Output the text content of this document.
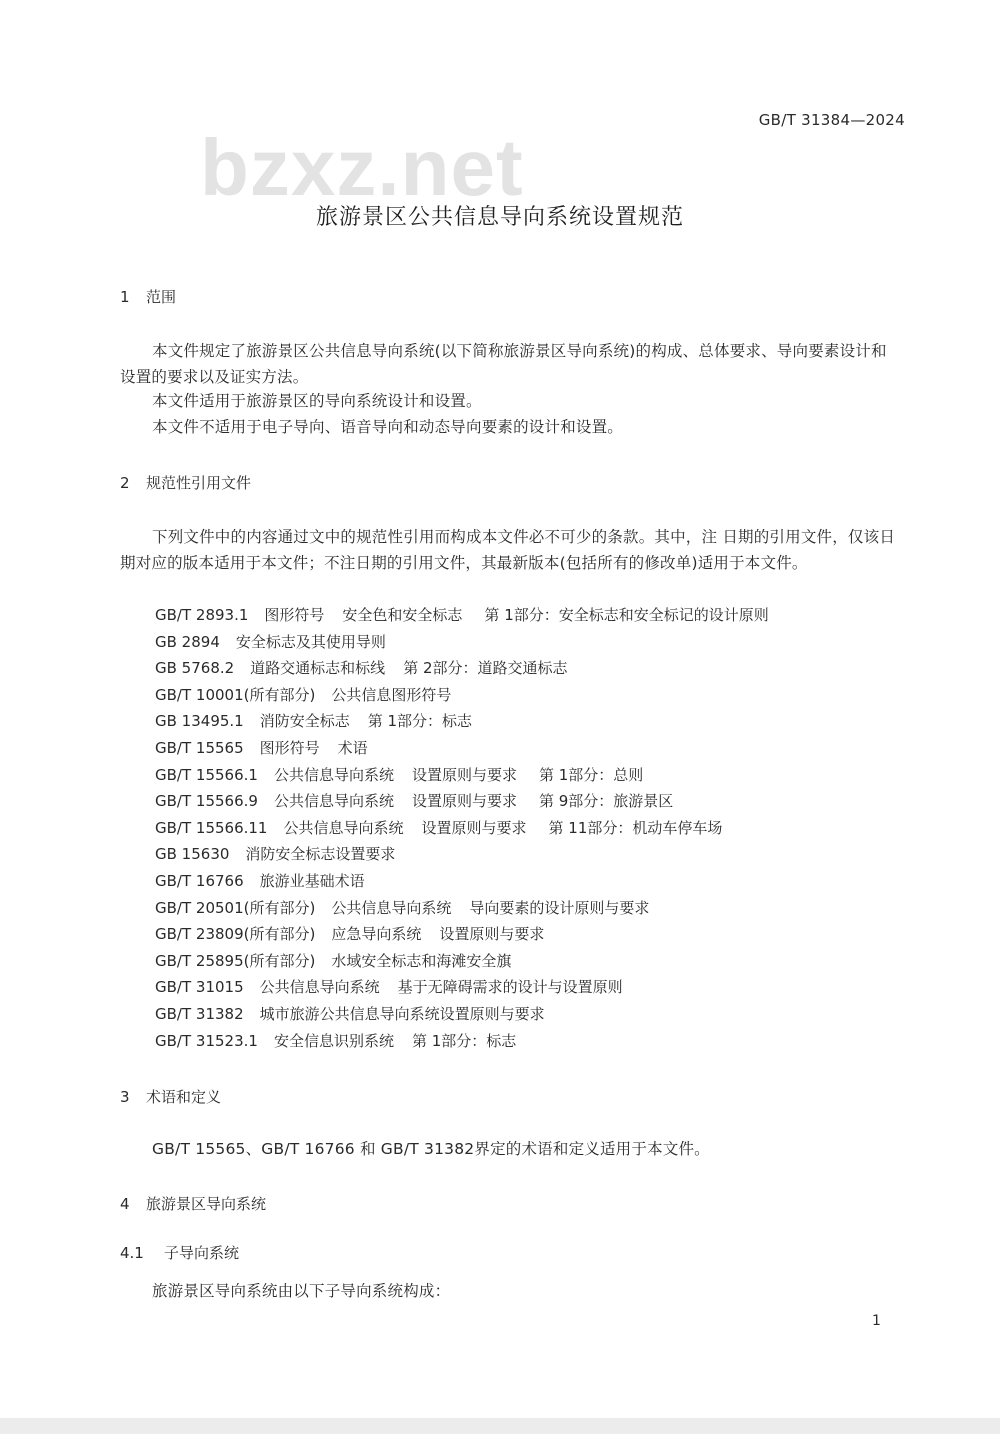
GB/T 31384—2024
bzxz.net
旅游景区公共信息导向系统设置规范
1 范围
本文件规定了旅游景区公共信息导向系统(以下简称旅游景区导向系统)的构成、总体要求、导向要素设计和设置的要求以及证实方法。
本文件适用于旅游景区的导向系统设计和设置。
本文件不适用于电子导向、语音导向和动态导向要素的设计和设置。
2 规范性引用文件
下列文件中的内容通过文中的规范性引用而构成本文件必不可少的条款。其中，注 日期的引用文件，仅该日期对应的版本适用于本文件；不注日期的引用文件，其最新版本(包括所有的修改单)适用于本文件。
GB/T 2893.1 图形符号 安全色和安全标志 第 1部分：安全标志和安全标记的设计原则
GB 2894 安全标志及其使用导则
GB 5768.2 道路交通标志和标线 第 2部分：道路交通标志
GB/T 10001(所有部分) 公共信息图形符号
GB 13495.1 消防安全标志 第 1部分：标志
GB/T 15565 图形符号 术语
GB/T 15566.1 公共信息导向系统 设置原则与要求 第 1部分：总则
GB/T 15566.9 公共信息导向系统 设置原则与要求 第 9部分：旅游景区
GB/T 15566.11 公共信息导向系统 设置原则与要求 第 11部分：机动车停车场
GB 15630 消防安全标志设置要求
GB/T 16766 旅游业基础术语
GB/T 20501(所有部分) 公共信息导向系统 导向要素的设计原则与要求
GB/T 23809(所有部分) 应急导向系统 设置原则与要求
GB/T 25895(所有部分) 水域安全标志和海滩安全旗
GB/T 31015 公共信息导向系统 基于无障碍需求的设计与设置原则
GB/T 31382 城市旅游公共信息导向系统设置原则与要求
GB/T 31523.1 安全信息识别系统 第 1部分：标志
3 术语和定义
GB/T 15565、GB/T 16766 和 GB/T 31382界定的术语和定义适用于本文件。
4 旅游景区导向系统
4.1 子导向系统
旅游景区导向系统由以下子导向系统构成：
1
